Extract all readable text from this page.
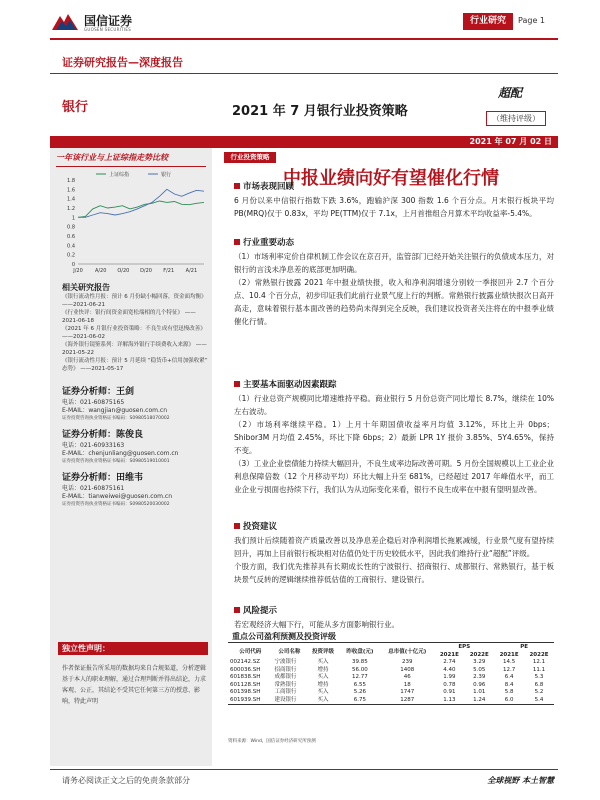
国信证券
GUOSEN SECURITIES
行业研究	Page 1
证券研究报告—深度报告
银行	2021 年 7 月银行业投资策略
超配
（维持评级）
2021 年 07 月 02 日
一年该行业与上证综指走势比较
上证综指	银行
0
0.2
0.4
0.6
0.8
1
1.2
1.4
1.6
1.8
J/20 A/20 O/20 D/20 F/21 A/21
相关研究报告
《银行流动性月报：预计 6 月份缺小幅回落，资金面均衡》 ——2021-06-21
《行业快评：银行间资金面宽松端相的几个特征》 ——2021-06-18
《2021 年 6 月银行业投资策略：不良生成有望迅慢改善》 ——2021-06-02
《海外银行镜鉴系列：详解海外银行手续费收入来源》 ——2021-05-22
《银行流动性月报：预计 5 月延续 “稳货币+信用加强收紧” 态势》 ——2021-05-17
证券分析师：王剑
电话：021-60875165
E-MAIL：wangjian@guosen.com.cn
证券投资咨询执业资格证书编码：S0980518070002
证券分析师：陈俊良
电话：021-60933163
E-MAIL：chenjunliang@guosen.com.cn
证券投资咨询执业资格证书编码：S0980519010001
证券分析师：田维韦
电话：021-60875161
E-MAIL：tianweiwei@guosen.com.cn
证券投资咨询执业资格证书编码：S0980520030002
独立性声明：
作者保证报告所采用的数据均来自合规渠道，分析逻辑基于本人的职业理解，通过合理判断并得出结论，力求客观、公正，其结论不受其它任何第三方的授意、影响，特此声明
行业投资策略
中报业绩向好有望催化行情
市场表现回顾
6 月份以来中信银行指数下跌 3.6%，跑输沪深 300 指数 1.6 个百分点。月末银行板块平均 PB(MRQ)仅于 0.83x，平均 PE(TTM)仅于 7.1x，上月首推组合月算术平均收益率-5.4%。
行业重要动态
（1）市场利率定价自律机制工作会议在京召开，监管部门已经开始关注银行的负债成本压力，对银行的言浅未净息差的底部更加明确。
（2）常熟银行披露 2021 年中报业绩快报，收入和净利润增速分别较一季报回升 2.7 个百分点、10.4 个百分点，初步印证我们此前行业景气度上行的判断。常熟银行披露业绩快报次日高开高走，意味着银行基本面改善的趋势尚未得到完全反映，我们建议投资者关注将在的中报季业绩催化行情。
主要基本面驱动因素跟踪
（1）行业总资产规模同比增速维持平稳。商业银行 5 月份总资产同比增长 8.7%，继续在 10%左右波动。
（2）市场利率继续平稳。1）上月十年期国债收益率月均值 3.12%，环比上升 0bps；Shibor3M 月均值 2.45%，环比下降 6bps；2）最新 LPR 1Y 报价 3.85%、5Y4.65%，保持不变。
（3）工业企业偿债能力持续大幅回升，不良生成率边际改善可期。5 月份全国规模以上工业企业利息保障倍数（12 个月移动平均）环比大幅上升至 681%，已经超过 2017 年峰值水平，而工业企业亏损面也持续下行，我们认为从边际变化来看，银行不良生成率在中报有望明显改善。
投资建议
我们预计后续随着资产质量改善以及净息差企稳后对净利润增长拖累减缓，行业景气度有望持续回升，再加上目前银行板块相对估值仍处于历史较低水平，因此我们维持行业“超配”评级。
个股方面，我们优先推荐具有长期成长性的宁波银行、招商银行、成都银行、常熟银行，基于板块景气反转的逻辑继续推荐低估值的工商银行、建设银行。
风险提示
若宏观经济大幅下行，可能从多方面影响银行业。
重点公司盈利预测及投资评级
公司代码	公司名称	投资评级	昨收盘(元)	总市值(十亿元)	EPS		PE	
					2021E	2022E	2021E	2022E
002142.SZ	宁波银行	买入	39.85	239	2.74	3.29	14.5	12.1
600036.SH	招商银行	增持	56.00	1408	4.40	5.05	12.7	11.1
601838.SH	成都银行	买入	12.77	46	1.99	2.39	6.4	5.3
601128.SH	常熟银行	增持	6.55	18	0.78	0.96	8.4	6.8
601398.SH	工商银行	买入	5.26	1747	0.91	1.01	5.8	5.2
601939.SH	建设银行	买入	6.75	1287	1.13	1.24	6.0	5.4
资料来源：Wind、国信证券经济研究所预测
请务必阅读正文之后的免责条款部分	全球视野 本土智慧
